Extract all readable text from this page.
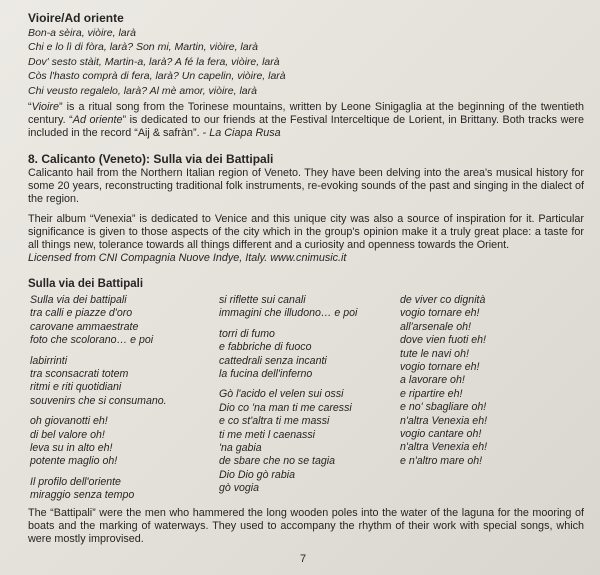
Vioire/Ad oriente
Bon-a sèira, viòire, larà
Chi e lo lì di fòra, larà? Son mi, Martin, viòire, larà
Dov' sesto stàit, Martin-a, larà? A fé la fera, viòire, larà
Còs l'hasto comprà di fera, larà? Un capelin, viòire, larà
Chi veusto regalelo, larà? Al mè amor, viòire, larà
“Vioire” is a ritual song from the Torinese mountains, written by Leone Sinigaglia at the beginning of the twentieth century. “Ad oriente” is dedicated to our friends at the Festival Interceltique de Lorient, in Brittany. Both tracks were included in the record “Aij & safràn”. - La Ciapa Rusa
8. Calicanto (Veneto): Sulla via dei Battipali
Calicanto hail from the Northern Italian region of Veneto. They have been delving into the area's musical history for some 20 years, reconstructing traditional folk instruments, re-evoking sounds of the past and singing in the dialect of the region.
Their album “Venexia” is dedicated to Venice and this unique city was also a source of inspiration for it. Particular significance is given to those aspects of the city which in the group's opinion make it a truly great place: a taste for all things new, tolerance towards all things different and a curiosity and openness towards the Orient.
Licensed from CNI Compagnia Nuove Indye, Italy. www.cnimusic.it
Sulla via dei Battipali
Sulla via dei battipali
tra calli e piazze d'oro
carovane ammaestrate
foto che scolorano… e poi
labirrinti
tra sconsacrati totem
ritmi e riti quotidiani
souvenirs che si consumano.
oh giovanotti eh!
di bel valore oh!
leva su in alto eh!
potente maglio oh!
Il profilo dell'oriente
miraggio senza tempo
si riflette sui canali
immagini che illudono… e poi
torri di fumo
e fabbriche di fuoco
cattedrali senza incanti
la fucina dell'inferno
Gò l'acido el velen sui ossi
Dio co 'na man ti me caressi
e co st'altra ti me massi
ti me meti l caenassi
'na gabia
de sbare che no se tagia
Dio Dio gò rabia
gò vogia
de viver co dignità
vogio tornare eh!
all'arsenale oh!
dove vien fuoti eh!
tute le navi oh!
vogio tornare eh!
a lavorare oh!
e ripartire eh!
e no' sbagliare oh!
n'altra Venexia eh!
vogio cantare oh!
n'altra Venexia eh!
e n'altro mare oh!
The “Battipali” were the men who hammered the long wooden poles into the water of the laguna for the mooring of boats and the marking of waterways. They used to accompany the rhythm of their work with special songs, which were mostly improvised.
7
